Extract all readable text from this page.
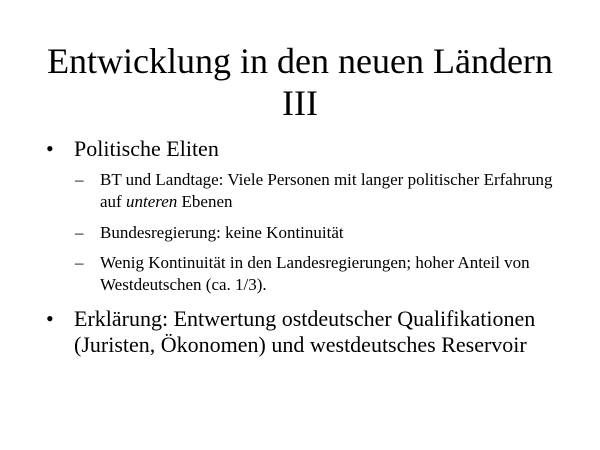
Entwicklung in den neuen Ländern
III
• Politische Eliten
– BT und Landtage: Viele Personen mit langer politischer Erfahrung auf unteren Ebenen
– Bundesregierung: keine Kontinuität
– Wenig Kontinuität in den Landesregierungen; hoher Anteil von Westdeutschen (ca. 1/3).
• Erklärung: Entwertung ostdeutscher Qualifikationen (Juristen, Ökonomen) und westdeutsches Reservoir
